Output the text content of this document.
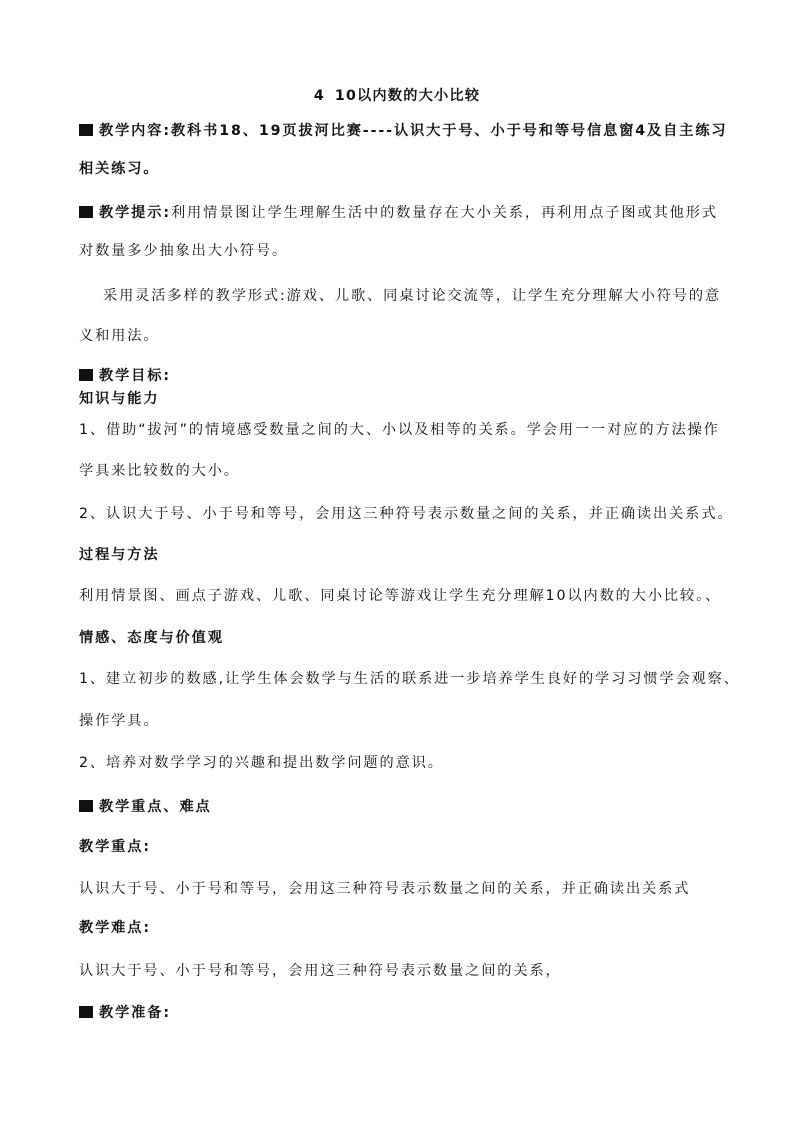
4 10以内数的大小比较
教学内容:教科书18、19页拔河比赛----认识大于号、小于号和等号信息窗4及自主练习
相关练习。
教学提示:利用情景图让学生理解生活中的数量存在大小关系，再利用点子图或其他形式
对数量多少抽象出大小符号。
采用灵活多样的教学形式:游戏、儿歌、同桌讨论交流等，让学生充分理解大小符号的意
义和用法。
教学目标:
知识与能力
1、借助“拔河”的情境感受数量之间的大、小以及相等的关系。学会用一一对应的方法操作
学具来比较数的大小。
2、认识大于号、小于号和等号，会用这三种符号表示数量之间的关系，并正确读出关系式。
过程与方法
利用情景图、画点子游戏、儿歌、同桌讨论等游戏让学生充分理解10以内数的大小比较。、
情感、态度与价值观
1、建立初步的数感,让学生体会数学与生活的联系进一步培养学生良好的学习习惯学会观察、
操作学具。
2、培养对数学学习的兴趣和提出数学问题的意识。
教学重点、难点
教学重点:
认识大于号、小于号和等号，会用这三种符号表示数量之间的关系，并正确读出关系式
教学难点:
认识大于号、小于号和等号，会用这三种符号表示数量之间的关系，
教学准备:
